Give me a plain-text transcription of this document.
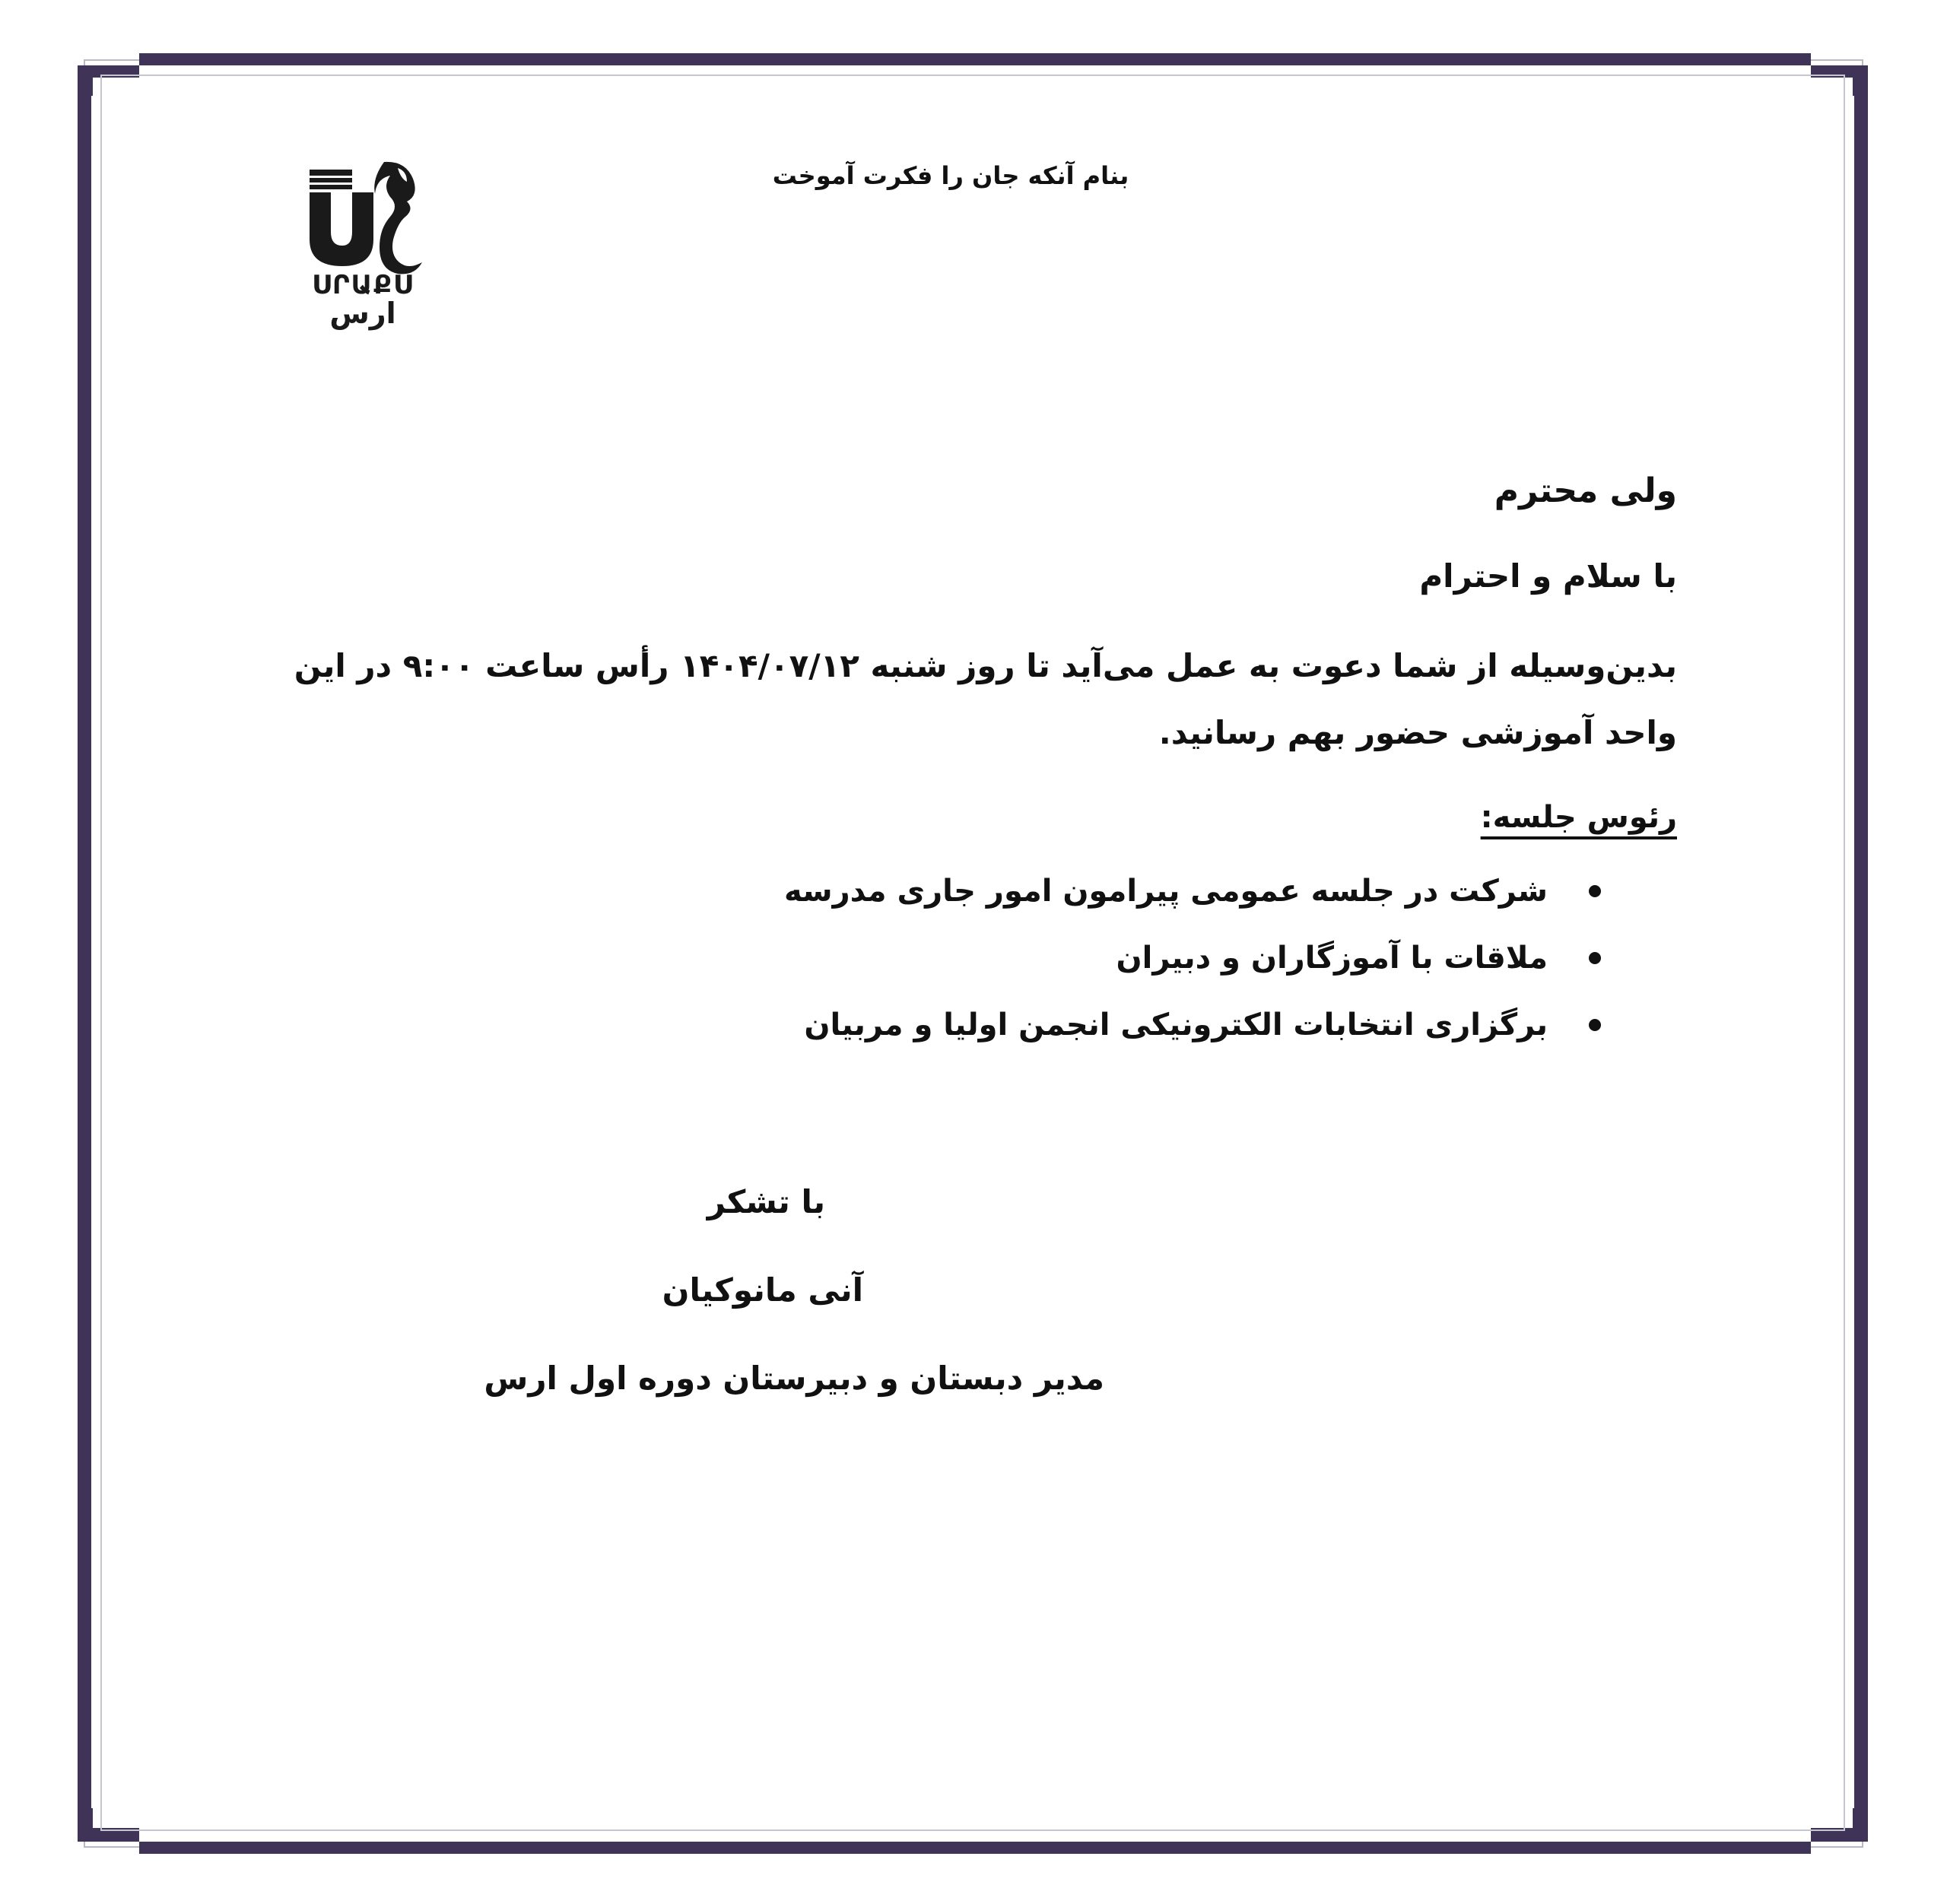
بنام آنکه جان را فکرت آموخت
ՍՐԱՔՍ
ارس

ولی محترم

با سلام و احترام

بدین‌وسیله از شما دعوت به عمل می‌آید تا روز شنبه ۱۴۰۴/۰۷/۱۲ رأس ساعت ۹:۰۰ در این واحد آموزشی حضور بهم رسانید.

رئوس جلسه:

شرکت در جلسه عمومی پیرامون امور جاری مدرسه
ملاقات با آموزگاران و دبیران
برگزاری انتخابات الکترونیکی انجمن اولیا و مربیان
با تشکر
آنی مانوکیان
مدیر دبستان و دبیرستان دوره اول ارس
